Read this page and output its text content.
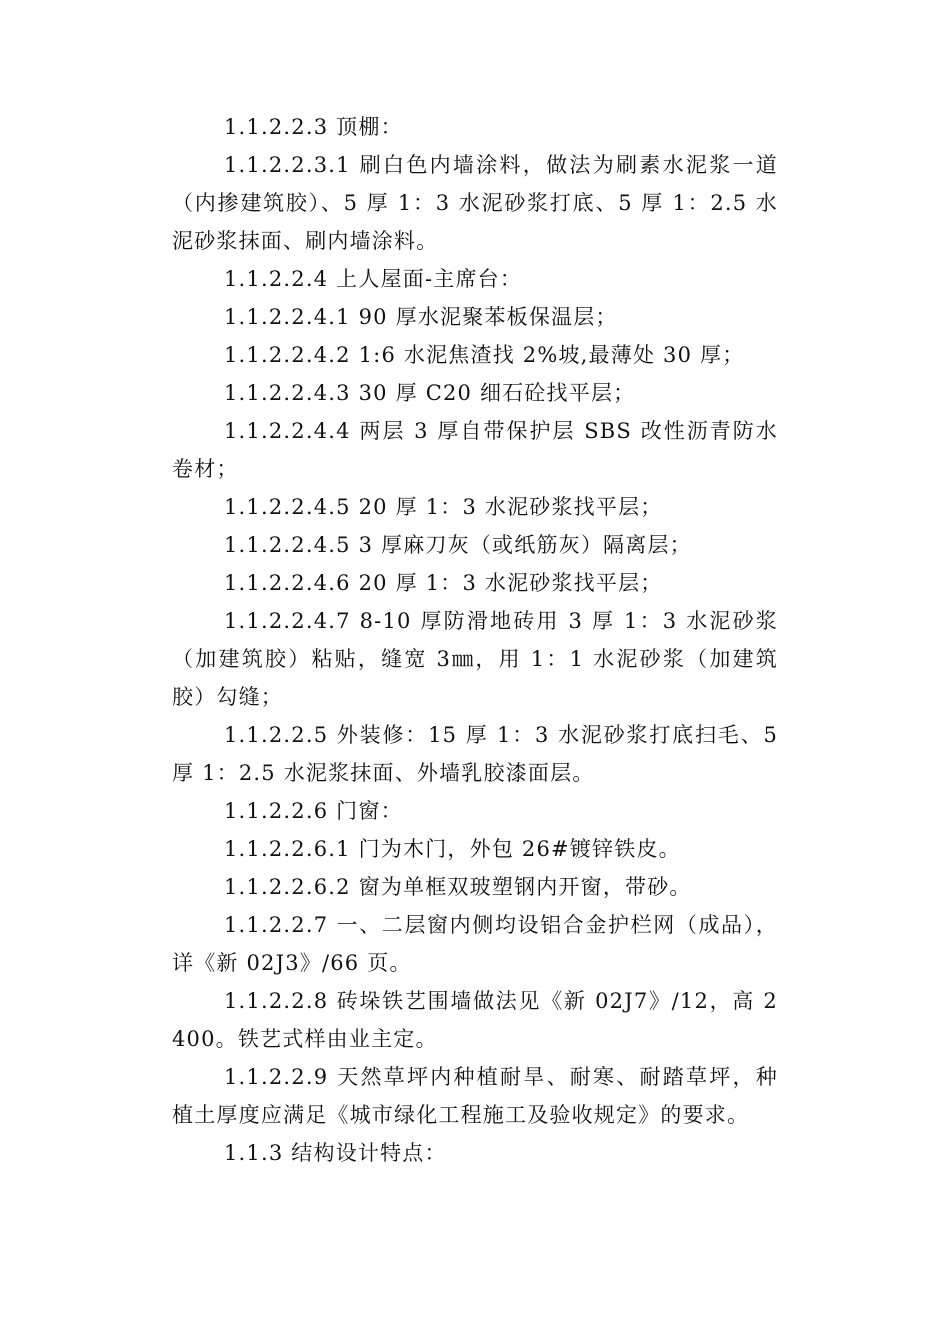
1.1.2.2.3 顶棚：

1.1.2.2.3.1 刷白色内墙涂料，做法为刷素水泥浆一道（内掺建筑胶）、5 厚 1：3 水泥砂浆打底、5 厚 1：2.5 水泥砂浆抹面、刷内墙涂料。

1.1.2.2.4 上人屋面-主席台：

1.1.2.2.4.1 90 厚水泥聚苯板保温层；

1.1.2.2.4.2 1:6 水泥焦渣找 2%坡,最薄处 30 厚；

1.1.2.2.4.3 30 厚 C20 细石砼找平层；

1.1.2.2.4.4 两层 3 厚自带保护层 SBS 改性沥青防水卷材；

1.1.2.2.4.5 20 厚 1：3 水泥砂浆找平层；

1.1.2.2.4.5 3 厚麻刀灰（或纸筋灰）隔离层；

1.1.2.2.4.6 20 厚 1：3 水泥砂浆找平层；

1.1.2.2.4.7 8-10 厚防滑地砖用 3 厚 1：3 水泥砂浆（加建筑胶）粘贴，缝宽 3㎜，用 1：1 水泥砂浆（加建筑胶）勾缝；

1.1.2.2.5 外装修：15 厚 1：3 水泥砂浆打底扫毛、5 厚 1：2.5 水泥浆抹面、外墙乳胶漆面层。

1.1.2.2.6 门窗：

1.1.2.2.6.1 门为木门，外包 26#镀锌铁皮。

1.1.2.2.6.2 窗为单框双玻塑钢内开窗，带砂。

1.1.2.2.7 一、二层窗内侧均设铝合金护栏网（成品），详《新 02J3》/66 页。

1.1.2.2.8 砖垛铁艺围墙做法见《新 02J7》/12，高 2400。铁艺式样由业主定。

1.1.2.2.9 天然草坪内种植耐旱、耐寒、耐踏草坪，种植土厚度应满足《城市绿化工程施工及验收规定》的要求。

1.1.3 结构设计特点：
